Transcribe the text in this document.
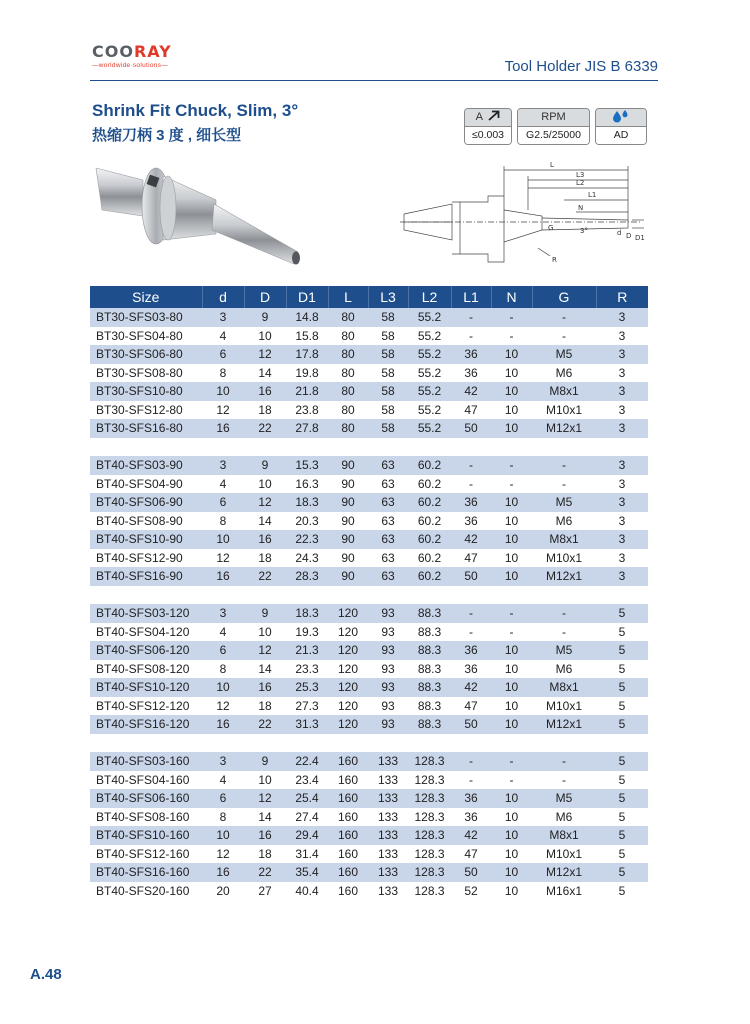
COORAY
—worldwide·solutions—	Tool Holder JIS B 6339
Shrink Fit Chuck, Slim, 3°
热缩刀柄 3 度 , 细长型
A
≤0.003
RPM
G2.5/25000	AD
L
L3
L2
L1
N
G	3°	d D D1
R
Size	d	D	D1	L	L3	L2	L1	N	G	R
BT30-SFS03-80	3	9	14.8	80	58	55.2	-	-	-	3
BT30-SFS04-80	4	10	15.8	80	58	55.2	-	-	-	3
BT30-SFS06-80	6	12	17.8	80	58	55.2	36	10	M5	3
BT30-SFS08-80	8	14	19.8	80	58	55.2	36	10	M6	3
BT30-SFS10-80	10	16	21.8	80	58	55.2	42	10	M8x1	3
BT30-SFS12-80	12	18	23.8	80	58	55.2	47	10	M10x1	3
BT30-SFS16-80	16	22	27.8	80	58	55.2	50	10	M12x1	3

BT40-SFS03-90	3	9	15.3	90	63	60.2	-	-	-	3
BT40-SFS04-90	4	10	16.3	90	63	60.2	-	-	-	3
BT40-SFS06-90	6	12	18.3	90	63	60.2	36	10	M5	3
BT40-SFS08-90	8	14	20.3	90	63	60.2	36	10	M6	3
BT40-SFS10-90	10	16	22.3	90	63	60.2	42	10	M8x1	3
BT40-SFS12-90	12	18	24.3	90	63	60.2	47	10	M10x1	3
BT40-SFS16-90	16	22	28.3	90	63	60.2	50	10	M12x1	3

BT40-SFS03-120	3	9	18.3	120	93	88.3	-	-	-	5
BT40-SFS04-120	4	10	19.3	120	93	88.3	-	-	-	5
BT40-SFS06-120	6	12	21.3	120	93	88.3	36	10	M5	5
BT40-SFS08-120	8	14	23.3	120	93	88.3	36	10	M6	5
BT40-SFS10-120	10	16	25.3	120	93	88.3	42	10	M8x1	5
BT40-SFS12-120	12	18	27.3	120	93	88.3	47	10	M10x1	5
BT40-SFS16-120	16	22	31.3	120	93	88.3	50	10	M12x1	5

BT40-SFS03-160	3	9	22.4	160	133	128.3	-	-	-	5
BT40-SFS04-160	4	10	23.4	160	133	128.3	-	-	-	5
BT40-SFS06-160	6	12	25.4	160	133	128.3	36	10	M5	5
BT40-SFS08-160	8	14	27.4	160	133	128.3	36	10	M6	5
BT40-SFS10-160	10	16	29.4	160	133	128.3	42	10	M8x1	5
BT40-SFS12-160	12	18	31.4	160	133	128.3	47	10	M10x1	5
BT40-SFS16-160	16	22	35.4	160	133	128.3	50	10	M12x1	5
BT40-SFS20-160	20	27	40.4	160	133	128.3	52	10	M16x1	5
A.48
